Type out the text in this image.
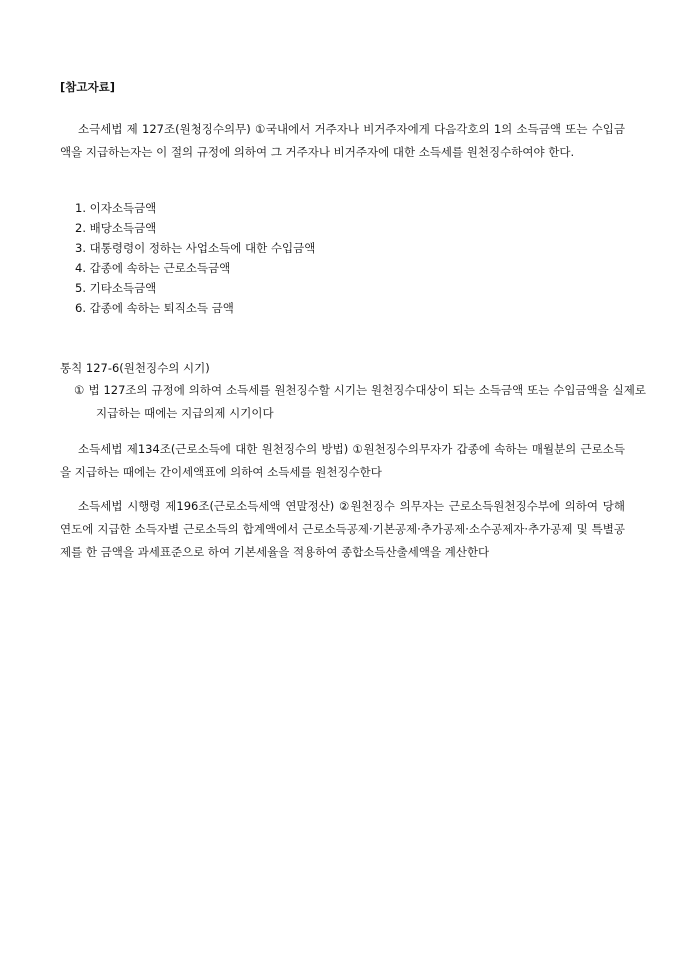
[참고자료]

소극세법 제 127조(원청징수의무) ①국내에서 거주자나 비거주자에게 다음각호의 1의 소득금액 또는 수입금액을 지급하는자는 이 절의 규정에 의하여 그 거주자나 비거주자에 대한 소득세를 원천징수하여야 한다.

1. 이자소득금액
2. 배당소득금액
3. 대통령령이 정하는 사업소득에 대한 수입금액
4. 갑종에 속하는 근로소득금액
5. 기타소득금액
6. 갑종에 속하는 퇴직소득 금액
통칙 127-6(원천징수의 시기)

① 법 127조의 규정에 의하여 소득세를 원천징수할 시기는 원천징수대상이 되는 소득금액 또는 수입금액을 실제로 지급하는 때에는 지급의제 시기이다

소득세법 제134조(근로소득에 대한 원천징수의 방법) ①원천징수의무자가 갑종에 속하는 매월분의 근로소득을 지급하는 때에는 간이세액표에 의하여 소득세를 원천징수한다

소득세법 시행령 제196조(근로소득세액 연말정산) ②원천징수 의무자는 근로소득원천징수부에 의하여 당해 연도에 지급한 소득자별 근로소득의 합계액에서 근로소득공제·기본공제·추가공제·소수공제자·추가공제 및 특별공제를 한 금액을 과세표준으로 하여 기본세율을 적용하여 종합소득산출세액을 계산한다
